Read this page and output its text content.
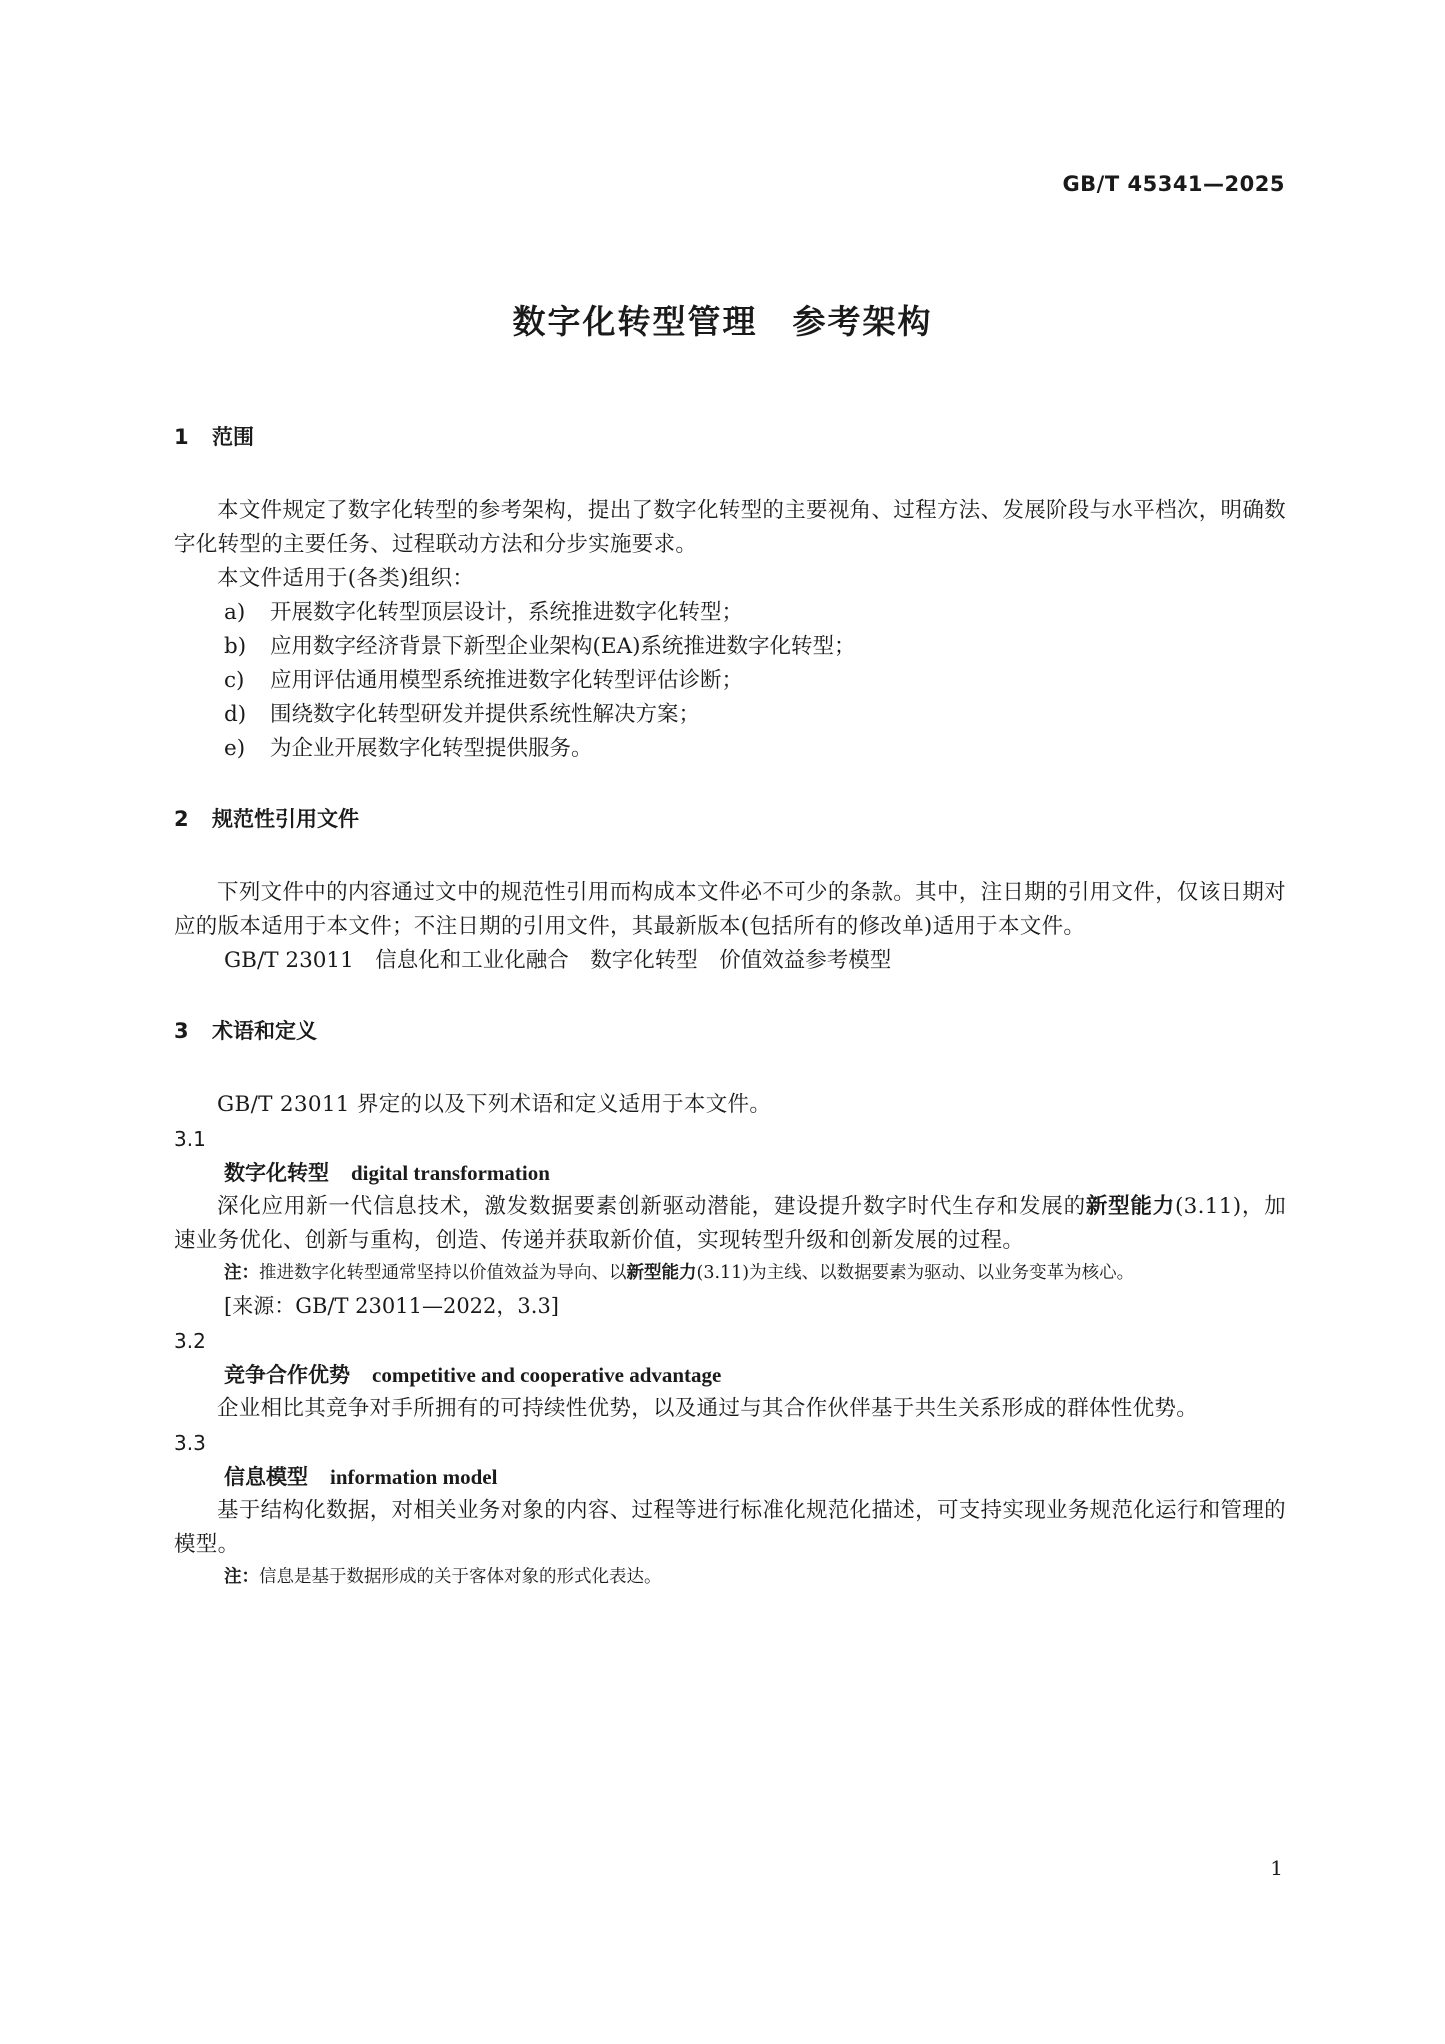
GB/T 45341—2025
数字化转型管理　参考架构
1 范围
本文件规定了数字化转型的参考架构，提出了数字化转型的主要视角、过程方法、发展阶段与水平档次，明确数字化转型的主要任务、过程联动方法和分步实施要求。
本文件适用于(各类)组织：
a) 开展数字化转型顶层设计，系统推进数字化转型；
b) 应用数字经济背景下新型企业架构(EA)系统推进数字化转型；
c) 应用评估通用模型系统推进数字化转型评估诊断；
d) 围绕数字化转型研发并提供系统性解决方案；
e) 为企业开展数字化转型提供服务。
2 规范性引用文件
下列文件中的内容通过文中的规范性引用而构成本文件必不可少的条款。其中，注日期的引用文件，仅该日期对应的版本适用于本文件；不注日期的引用文件，其最新版本(包括所有的修改单)适用于本文件。
GB/T 23011　信息化和工业化融合　数字化转型　价值效益参考模型
3 术语和定义
GB/T 23011 界定的以及下列术语和定义适用于本文件。
3.1
数字化转型 digital transformation
深化应用新一代信息技术，激发数据要素创新驱动潜能，建设提升数字时代生存和发展的新型能力(3.11)，加速业务优化、创新与重构，创造、传递并获取新价值，实现转型升级和创新发展的过程。
注：推进数字化转型通常坚持以价值效益为导向、以新型能力(3.11)为主线、以数据要素为驱动、以业务变革为核心。
[来源：GB/T 23011—2022，3.3]
3.2
竞争合作优势 competitive and cooperative advantage
企业相比其竞争对手所拥有的可持续性优势，以及通过与其合作伙伴基于共生关系形成的群体性优势。
3.3
信息模型 information model
基于结构化数据，对相关业务对象的内容、过程等进行标准化规范化描述，可支持实现业务规范化运行和管理的模型。
注：信息是基于数据形成的关于客体对象的形式化表达。
1
